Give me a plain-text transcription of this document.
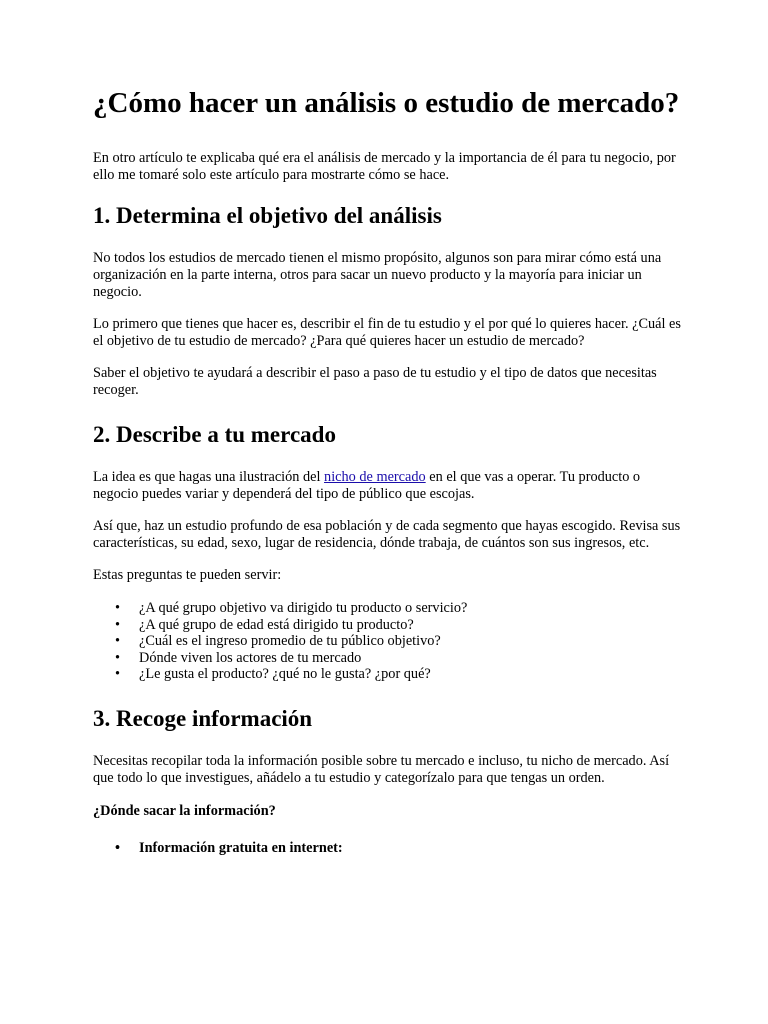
¿Cómo hacer un análisis o estudio de mercado?

En otro artículo te explicaba qué era el análisis de mercado y la importancia de él para tu negocio, por ello me tomaré solo este artículo para mostrarte cómo se hace.

1. Determina el objetivo del análisis

No todos los estudios de mercado tienen el mismo propósito, algunos son para mirar cómo está una organización en la parte interna, otros para sacar un nuevo producto y la mayoría para iniciar un negocio.

Lo primero que tienes que hacer es, describir el fin de tu estudio y el por qué lo quieres hacer. ¿Cuál es el objetivo de tu estudio de mercado? ¿Para qué quieres hacer un estudio de mercado?

Saber el objetivo te ayudará a describir el paso a paso de tu estudio y el tipo de datos que necesitas recoger.

2. Describe a tu mercado

La idea es que hagas una ilustración del nicho de mercado en el que vas a operar. Tu producto o negocio puedes variar y dependerá del tipo de público que escojas.

Así que, haz un estudio profundo de esa población y de cada segmento que hayas escogido. Revisa sus características, su edad, sexo, lugar de residencia, dónde trabaja, de cuántos son sus ingresos, etc.

Estas preguntas te pueden servir:

• ¿A qué grupo objetivo va dirigido tu producto o servicio?
• ¿A qué grupo de edad está dirigido tu producto?
• ¿Cuál es el ingreso promedio de tu público objetivo?
• Dónde viven los actores de tu mercado
• ¿Le gusta el producto? ¿qué no le gusta? ¿por qué?
3. Recoge información

Necesitas recopilar toda la información posible sobre tu mercado e incluso, tu nicho de mercado. Así que todo lo que investigues, añádelo a tu estudio y categorízalo para que tengas un orden.

¿Dónde sacar la información?

• Información gratuita en internet:
